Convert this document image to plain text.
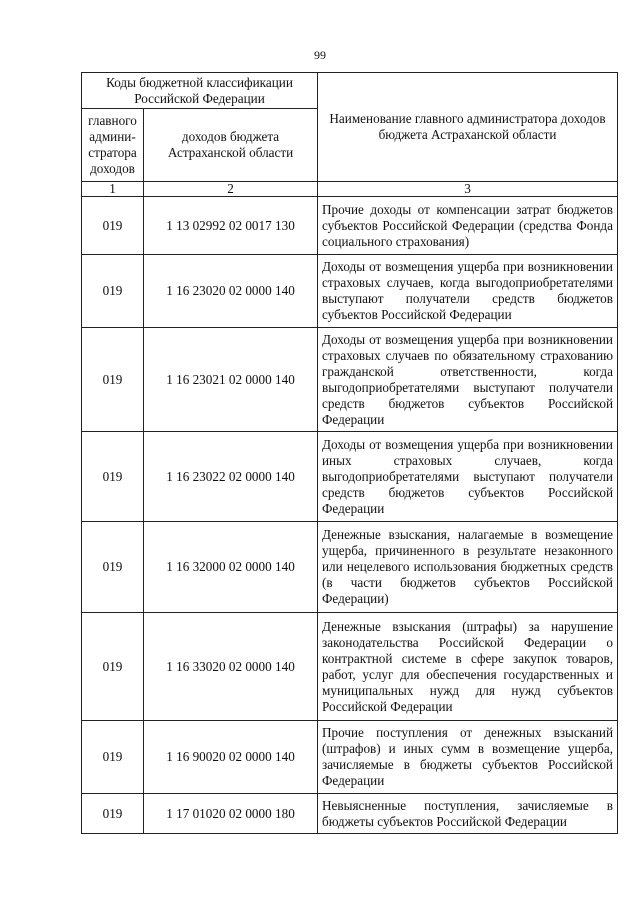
99
Коды бюджетной классификации Российской Федерации		Наименование главного администратора доходов бюджета Астраханской области
главного админи-стратора доходов	доходов бюджета Астраханской области	
1	2	3
019	1 13 02992 02 0017 130	Прочие доходы от компенсации затрат бюджетов субъектов Российской Федерации (средства Фонда социального страхования)
019	1 16 23020 02 0000 140	Доходы от возмещения ущерба при возникновении страховых случаев, когда выгодоприобретателями выступают получатели средств бюджетов субъектов Российской Федерации
019	1 16 23021 02 0000 140	Доходы от возмещения ущерба при возникновении страховых случаев по обязательному страхованию гражданской ответственности, когда выгодоприобретателями выступают получатели средств бюджетов субъектов Российской Федерации
019	1 16 23022 02 0000 140	Доходы от возмещения ущерба при возникновении иных страховых случаев, когда выгодоприобретателями выступают получатели средств бюджетов субъектов Российской Федерации
019	1 16 32000 02 0000 140	Денежные взыскания, налагаемые в возмещение ущерба, причиненного в результате незаконного или нецелевого использования бюджетных средств (в части бюджетов субъектов Российской Федерации)
019	1 16 33020 02 0000 140	Денежные взыскания (штрафы) за нарушение законодательства Российской Федерации о контрактной системе в сфере закупок товаров, работ, услуг для обеспечения государственных и муниципальных нужд для нужд субъектов Российской Федерации
019	1 16 90020 02 0000 140	Прочие поступления от денежных взысканий (штрафов) и иных сумм в возмещение ущерба, зачисляемые в бюджеты субъектов Российской Федерации
019	1 17 01020 02 0000 180	Невыясненные поступления, зачисляемые в бюджеты субъектов Российской Федерации
